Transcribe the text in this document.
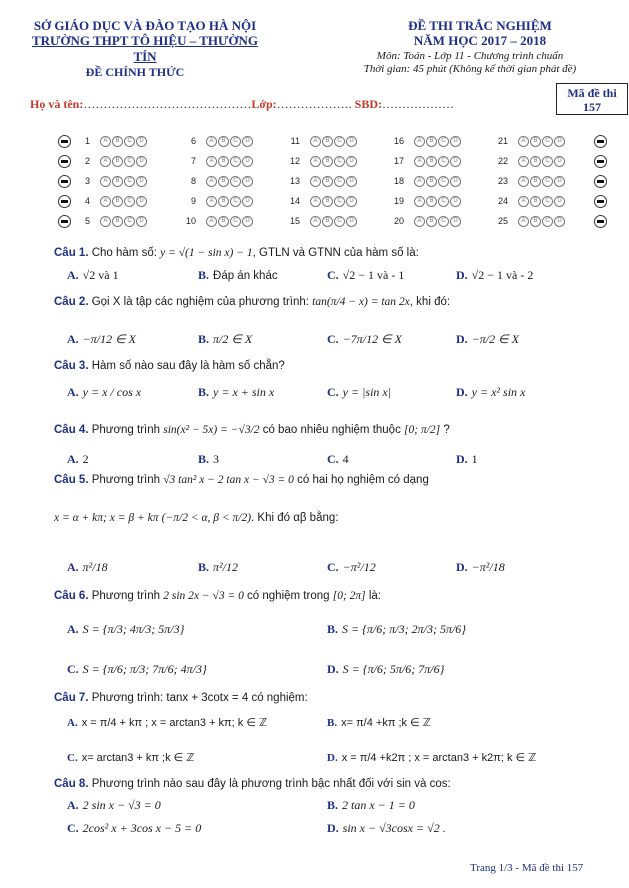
SỞ GIÁO DỤC VÀ ĐÀO TẠO HÀ NỘI
TRƯỜNG THPT TÔ HIỆU – THƯỜNG TÍN
ĐỀ CHÍNH THỨC
ĐỀ THI TRẮC NGHIỆM
NĂM HỌC 2017 – 2018
Môn: Toán - Lớp 11 - Chương trình chuẩn
Thời gian: 45 phút (Không kể thời gian phát đề)
Mã đề thi
157
Họ và tên:……………………………………Lớp:………………. SBD:………………
1	A	B	C	D	6	A	B	C	D	11	A	B	C	D	16	A	B	C	D	21	A	B	C	D
2	A	B	C	D	7	A	B	C	D	12	A	B	C	D	17	A	B	C	D	22	A	B	C	D
3	A	B	C	D	8	A	B	C	D	13	A	B	C	D	18	A	B	C	D	23	A	B	C	D
4	A	B	C	D	9	A	B	C	D	14	A	B	C	D	19	A	B	C	D	24	A	B	C	D
5	A	B	C	D	10	A	B	C	D	15	A	B	C	D	20	A	B	C	D	25	A	B	C	D
Câu 1. Cho hàm số: y = √(1 − sin x) − 1, GTLN và GTNN của hàm số là:
A. √2 và 1	B. Đáp án khác	C. √2 − 1 và - 1	D. √2 − 1 và - 2
Câu 2. Gọi X là tập các nghiệm của phương trình: tan(π/4 − x) = tan 2x, khi đó:
A. −π/12 ∈ X	B. π/2 ∈ X	C. −7π/12 ∈ X	D. −π/2 ∈ X
Câu 3. Hàm số nào sau đây là hàm số chẵn?
A. y = x / cos x	B. y = x + sin x	C. y = |sin x|	D. y = x² sin x
Câu 4. Phương trình sin(x² − 5x) = −√3/2 có bao nhiêu nghiệm thuộc [0; π/2] ?
A. 2	B. 3	C. 4	D. 1
Câu 5. Phương trình √3 tan² x − 2 tan x − √3 = 0 có hai họ nghiệm có dạng
x = α + kπ; x = β + kπ (−π/2 < α, β < π/2). Khi đó αβ bằng:
A. π²/18	B. π²/12	C. −π²/12	D. −π²/18
Câu 6. Phương trình 2 sin 2x − √3 = 0 có nghiệm trong [0; 2π] là:
A. S = {π/3; 4π/3; 5π/3}	B. S = {π/6; π/3; 2π/3; 5π/6}
C. S = {π/6; π/3; 7π/6; 4π/3}	D. S = {π/6; 5π/6; 7π/6}
Câu 7. Phương trình: tanx + 3cotx = 4 có nghiệm:
A. x = π/4 + kπ ; x = arctan3 + kπ; k ∈ ℤ	B. x= π/4 +kπ ;k ∈ ℤ
C. x= arctan3 + kπ ;k ∈ ℤ	D. x = π/4 +k2π ; x = arctan3 + k2π; k ∈ ℤ
Câu 8. Phương trình nào sau đây là phương trình bậc nhất đối với sin và cos:
A. 2 sin x − √3 = 0	B. 2 tan x − 1 = 0
C. 2cos² x + 3cos x − 5 = 0	D. sin x − √3cosx = √2 .
Trang 1/3 - Mã đề thi 157
